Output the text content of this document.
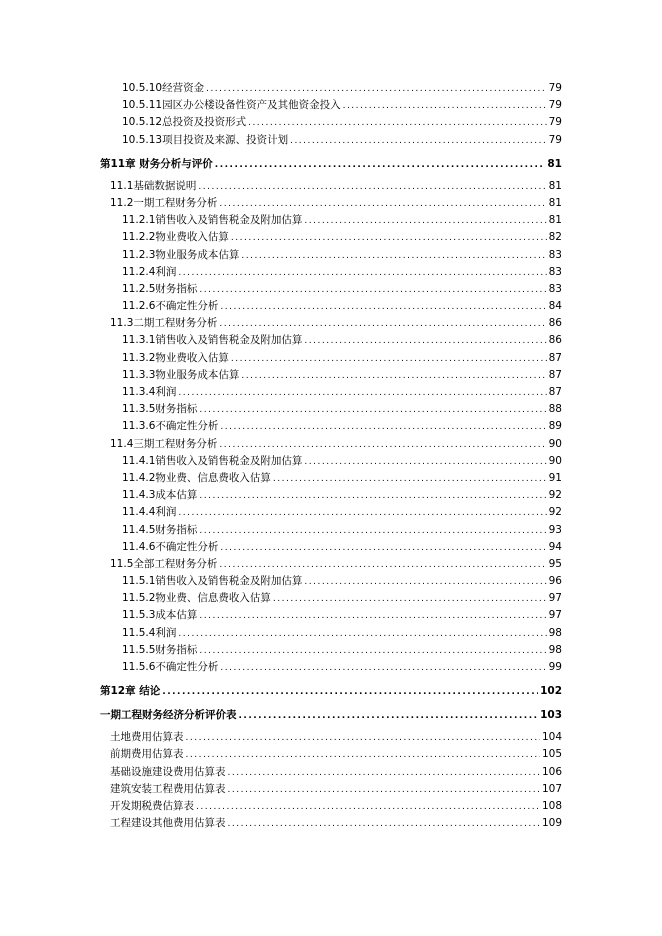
10.5.10经营资金 .....	79
10.5.11园区办公楼设备性资产及其他资金投入 .....	79
10.5.12总投资及投资形式 .....	79
10.5.13项目投资及来源、投资计划 .....	79
第11章 财务分析与评价 .....	81
11.1基础数据说明 .....	81
11.2一期工程财务分析 .....	81
11.2.1销售收入及销售税金及附加估算 .....	81
11.2.2物业费收入估算 .....	82
11.2.3物业服务成本估算 .....	83
11.2.4利润 .....	83
11.2.5财务指标 .....	83
11.2.6不确定性分析 .....	84
11.3二期工程财务分析 .....	86
11.3.1销售收入及销售税金及附加估算 .....	86
11.3.2物业费收入估算 .....	87
11.3.3物业服务成本估算 .....	87
11.3.4利润 .....	87
11.3.5财务指标 .....	88
11.3.6不确定性分析 .....	89
11.4三期工程财务分析 .....	90
11.4.1销售收入及销售税金及附加估算 .....	90
11.4.2物业费、信息费收入估算 .....	91
11.4.3成本估算 .....	92
11.4.4利润 .....	92
11.4.5财务指标 .....	93
11.4.6不确定性分析 .....	94
11.5全部工程财务分析 .....	95
11.5.1销售收入及销售税金及附加估算 .....	96
11.5.2物业费、信息费收入估算 .....	97
11.5.3成本估算 .....	97
11.5.4利润 .....	98
11.5.5财务指标 .....	98
11.5.6不确定性分析 .....	99
第12章 结论 .....	102
一期工程财务经济分析评价表 .....	103
土地费用估算表 .....	104
前期费用估算表 .....	105
基础设施建设费用估算表 .....	106
建筑安装工程费用估算表 .....	107
开发期税费估算表 .....	108
工程建设其他费用估算表 .....	109
